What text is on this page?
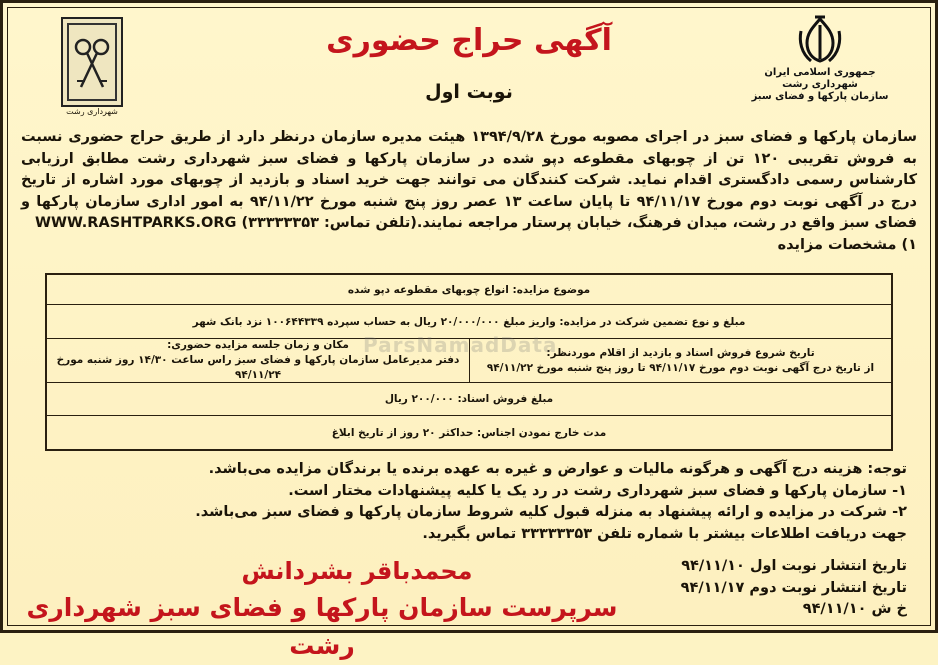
جمهوری اسلامی ایران
شهرداری رشت
سازمان پارکها و فضای سبز
شهرداری رشت
آگهی حراج حضوری
نوبت اول
سازمان پارکها و فضای سبز در اجرای مصوبه مورخ ۱۳۹۴/۹/۲۸ هیئت مدیره سازمان درنظر دارد از طریق حراج حضوری نسبت به فروش تقریبی ۱۲۰ تن از چوبهای مقطوعه دپو شده در سازمان پارکها و فضای سبز شهرداری رشت مطابق ارزیابی کارشناس رسمی دادگستری اقدام نماید. شرکت کنندگان می توانند جهت خرید اسناد و بازدید از چوبهای مورد اشاره از تاریخ درج در آگهی نوبت دوم مورخ ۹۴/۱۱/۱۷ تا پایان ساعت ۱۳ عصر روز پنج شنبه مورخ ۹۴/۱۱/۲۲ به امور اداری سازمان پارکها و فضای سبز واقع در رشت، میدان فرهنگ، خیابان پرستار مراجعه نمایند.(تلفن تماس: ۳۳۳۳۳۳۵۳) WWW.RASHTPARKS.ORG
۱) مشخصات مزایده
موضوع مزایده: انواع چوبهای مقطوعه دپو شده
مبلغ و نوع تضمین شرکت در مزایده: واریز مبلغ ۲۰/۰۰۰/۰۰۰ ریال به حساب سپرده ۱۰۰۶۴۴۳۳۹ نزد بانک شهر
تاریخ شروع فروش اسناد و بازدید از اقلام موردنظر:
از تاریخ درج آگهی نوبت دوم مورخ ۹۴/۱۱/۱۷ تا روز پنج شنبه مورخ ۹۴/۱۱/۲۲
مکان و زمان جلسه مزایده حضوری:
دفتر مدیرعامل سازمان پارکها و فضای سبز راس ساعت ۱۴/۳۰ روز شنبه مورخ ۹۴/۱۱/۲۴
مبلغ فروش اسناد: ۲۰۰/۰۰۰ ریال
مدت خارج نمودن اجناس: حداکثر ۲۰ روز از تاریخ ابلاغ
ParsNamadData
توجه: هزینه درج آگهی و هرگونه مالیات و عوارض و غیره به عهده برنده یا برندگان مزایده می‌باشد.
۱- سازمان پارکها و فضای سبز شهرداری رشت در رد یک یا کلیه پیشنهادات مختار است.
۲- شرکت در مزایده و ارائه پیشنهاد به منزله قبول کلیه شروط سازمان پارکها و فضای سبز می‌باشد.
جهت دریافت اطلاعات بیشتر با شماره تلفن ۳۳۳۳۳۳۵۳ تماس بگیرید.
تاریخ انتشار نوبت اول ۹۴/۱۱/۱۰
تاریخ انتشار نوبت دوم ۹۴/۱۱/۱۷
خ ش ۹۴/۱۱/۱۰
محمدباقر بشردانش
سرپرست سازمان پارکها و فضای سبز شهرداری رشت
